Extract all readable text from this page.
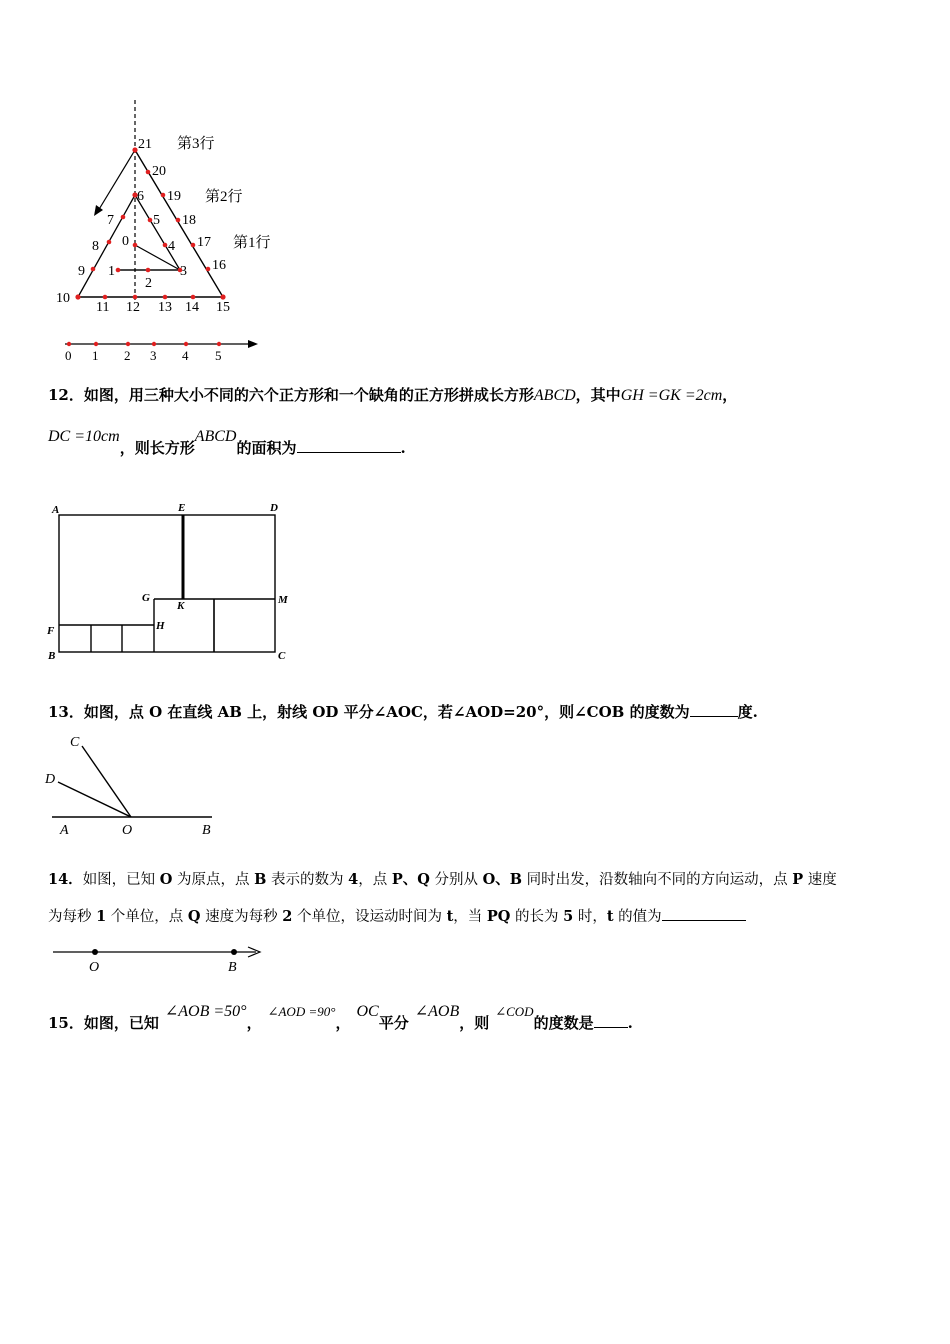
0
1
2
3
4
5
6
7
8
9
10
11 12 13 14 15
16
17
18
19
20
21 第3行
第2行
第1行
0 1 2 3 4 5
12．如图，用三种大小不同的六个正方形和一个缺角的正方形拼成长方形ABCD，其中GH =GK =2cm，
DC =10cm，则长方形ABCD的面积为	.
A	E	D
G
K	M
F	H
B	C
13．如图，点 O 在直线 AB 上，射线 OD 平分∠AOC，若∠AOD=20°，则∠COB 的度数为	度.
C
D
A	O	B
14．如图，已知 O 为原点，点 B 表示的数为 4，点 P、Q 分别从 O、B 同时出发，沿数轴向不同的方向运动，点 P 速度
为每秒 1 个单位，点 Q 速度为每秒 2 个单位，设运动时间为 t，当 PQ 的长为 5 时，t 的值为
O	B
15．如图，已知∠AOB =50°，∠AOD =90°，OC平分∠AOB，则∠COD的度数是 .
